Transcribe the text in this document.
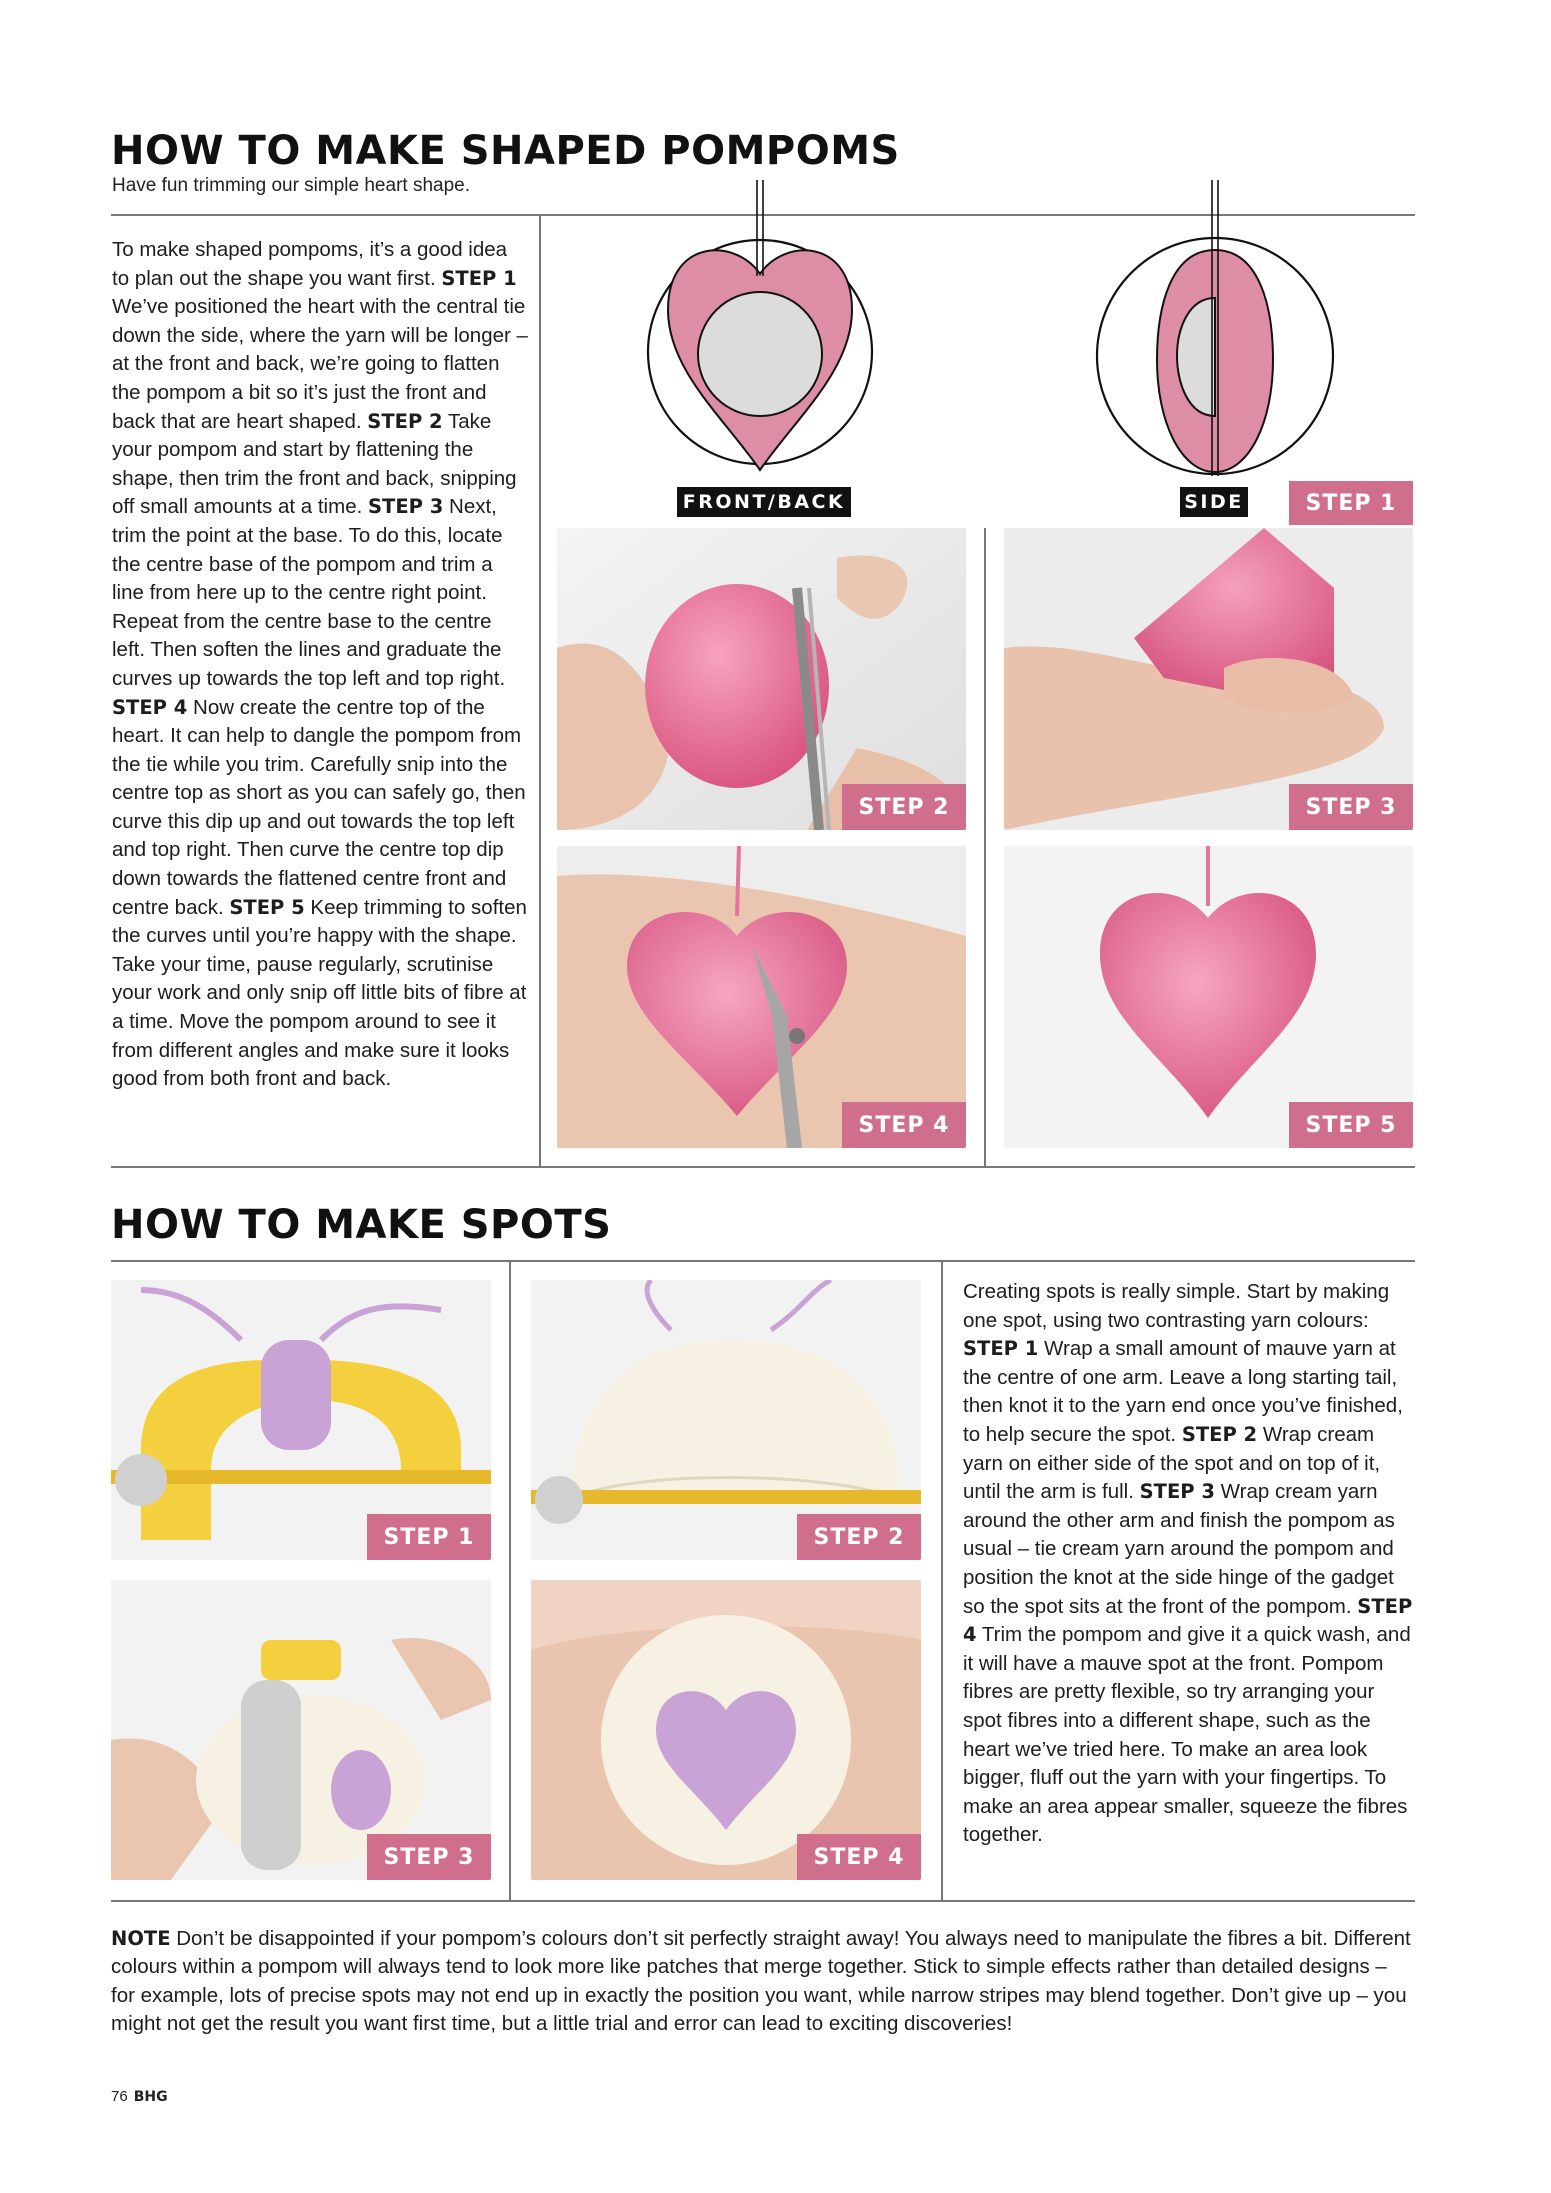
HOW TO MAKE SHAPED POMPOMS
Have fun trimming our simple heart shape.
To make shaped pompoms, it’s a good idea to plan out the shape you want first. STEP 1 We’ve positioned the heart with the central tie down the side, where the yarn will be longer – at the front and back, we’re going to flatten the pompom a bit so it’s just the front and back that are heart shaped. STEP 2 Take your pompom and start by flattening the shape, then trim the front and back, snipping off small amounts at a time. STEP 3 Next, trim the point at the base. To do this, locate the centre base of the pompom and trim a line from here up to the centre right point. Repeat from the centre base to the centre left. Then soften the lines and graduate the curves up towards the top left and top right. STEP 4 Now create the centre top of the heart. It can help to dangle the pompom from the tie while you trim. Carefully snip into the centre top as short as you can safely go, then curve this dip up and out towards the top left and top right. Then curve the centre top dip down towards the flattened centre front and centre back. STEP 5 Keep trimming to soften the curves until you’re happy with the shape. Take your time, pause regularly, scrutinise your work and only snip off little bits of fibre at a time. Move the pompom around to see it from different angles and make sure it looks good from both front and back.
FRONT/BACK	SIDE	STEP 1
STEP 2	STEP 3
STEP 4	STEP 5
HOW TO MAKE SPOTS
STEP 1	STEP 2
STEP 3	STEP 4
Creating spots is really simple. Start by making one spot, using two contrasting yarn colours: STEP 1 Wrap a small amount of mauve yarn at the centre of one arm. Leave a long starting tail, then knot it to the yarn end once you’ve finished, to help secure the spot. STEP 2 Wrap cream yarn on either side of the spot and on top of it, until the arm is full. STEP 3 Wrap cream yarn around the other arm and finish the pompom as usual – tie cream yarn around the pompom and position the knot at the side hinge of the gadget so the spot sits at the front of the pompom. STEP 4 Trim the pompom and give it a quick wash, and it will have a mauve spot at the front. Pompom fibres are pretty flexible, so try arranging your spot fibres into a different shape, such as the heart we’ve tried here. To make an area look bigger, fluff out the yarn with your fingertips. To make an area appear smaller, squeeze the fibres together.
NOTE Don’t be disappointed if your pompom’s colours don’t sit perfectly straight away! You always need to manipulate the fibres a bit. Different colours within a pompom will always tend to look more like patches that merge together. Stick to simple effects rather than detailed designs – for example, lots of precise spots may not end up in exactly the position you want, while narrow stripes may blend together. Don’t give up – you might not get the result you want first time, but a little trial and error can lead to exciting discoveries!
76 BHG
